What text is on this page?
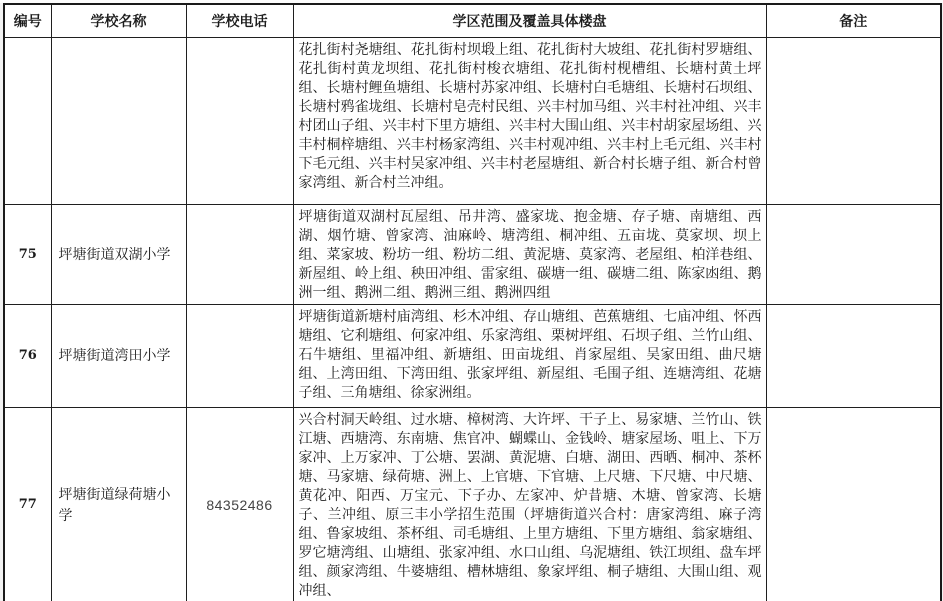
编号	学校名称	学校电话	学区范围及覆盖具体楼盘	备注
			花扎街村尧塘组、花扎街村坝塅上组、花扎街村大坡组、花扎街村罗塘组、花扎街村黄龙坝组、花扎街村梭衣塘组、花扎街村枧槽组、长塘村黄土坪组、长塘村鲤鱼塘组、长塘村苏家冲组、长塘村白毛塘组、长塘村石坝组、长塘村鸦雀垅组、长塘村皂壳村民组、兴丰村加马组、兴丰村社冲组、兴丰村团山子组、兴丰村下里方塘组、兴丰村大围山组、兴丰村胡家屋场组、兴丰村桐梓塘组、兴丰村杨家湾组、兴丰村观冲组、兴丰村上毛元组、兴丰村下毛元组、兴丰村吴家冲组、兴丰村老屋塘组、新合村长塘子组、新合村曾家湾组、新合村兰冲组。	
75	坪塘街道双湖小学		坪塘街道双湖村瓦屋组、吊井湾、盛家垅、抱金塘、存子塘、南塘组、西湖、烟竹塘、曾家湾、油麻岭、塘湾组、桐冲组、五亩垅、莫家坝、坝上组、菜家坡、粉坊一组、粉坊二组、黄泥塘、莫家湾、老屋组、柏洋巷组、新屋组、岭上组、秧田冲组、雷家组、碳塘一组、碳塘二组、陈家凼组、鹅洲一组、鹅洲二组、鹅洲三组、鹅洲四组	
76	坪塘街道湾田小学		坪塘街道新塘村庙湾组、杉木冲组、存山塘组、芭蕉塘组、七庙冲组、怀西塘组、它利塘组、何家冲组、乐家湾组、栗树坪组、石坝子组、兰竹山组、石牛塘组、里福冲组、新塘组、田亩垅组、肖家屋组、吴家田组、曲尺塘组、上湾田组、下湾田组、张家坪组、新屋组、毛围子组、连塘湾组、花塘子组、三角塘组、徐家洲组。	
77	坪塘街道绿荷塘小学	84352486	兴合村洞天岭组、过水塘、樟树湾、大许坪、干子上、易家塘、兰竹山、铁江塘、西塘湾、东南塘、焦官冲、蝴蝶山、金钱岭、塘家屋场、咀上、下万家冲、上万家冲、丁公塘、罢湖、黄泥塘、白塘、湖田、西晒、桐冲、茶杯塘、马家塘、绿荷塘、洲上、上官塘、下官塘、上尺塘、下尺塘、中尺塘、黄花冲、阳西、万宝元、下子办、左家冲、炉昔塘、木塘、曾家湾、长塘子、兰冲组、原三丰小学招生范围（坪塘街道兴合村：唐家湾组、麻子湾组、鲁家坡组、茶杯组、司毛塘组、上里方塘组、下里方塘组、翁家塘组、罗它塘湾组、山塘组、张家冲组、水口山组、乌泥塘组、铁江坝组、盘车坪组、颜家湾组、牛婆塘组、槽林塘组、象家坪组、桐子塘组、大围山组、观冲组、	
